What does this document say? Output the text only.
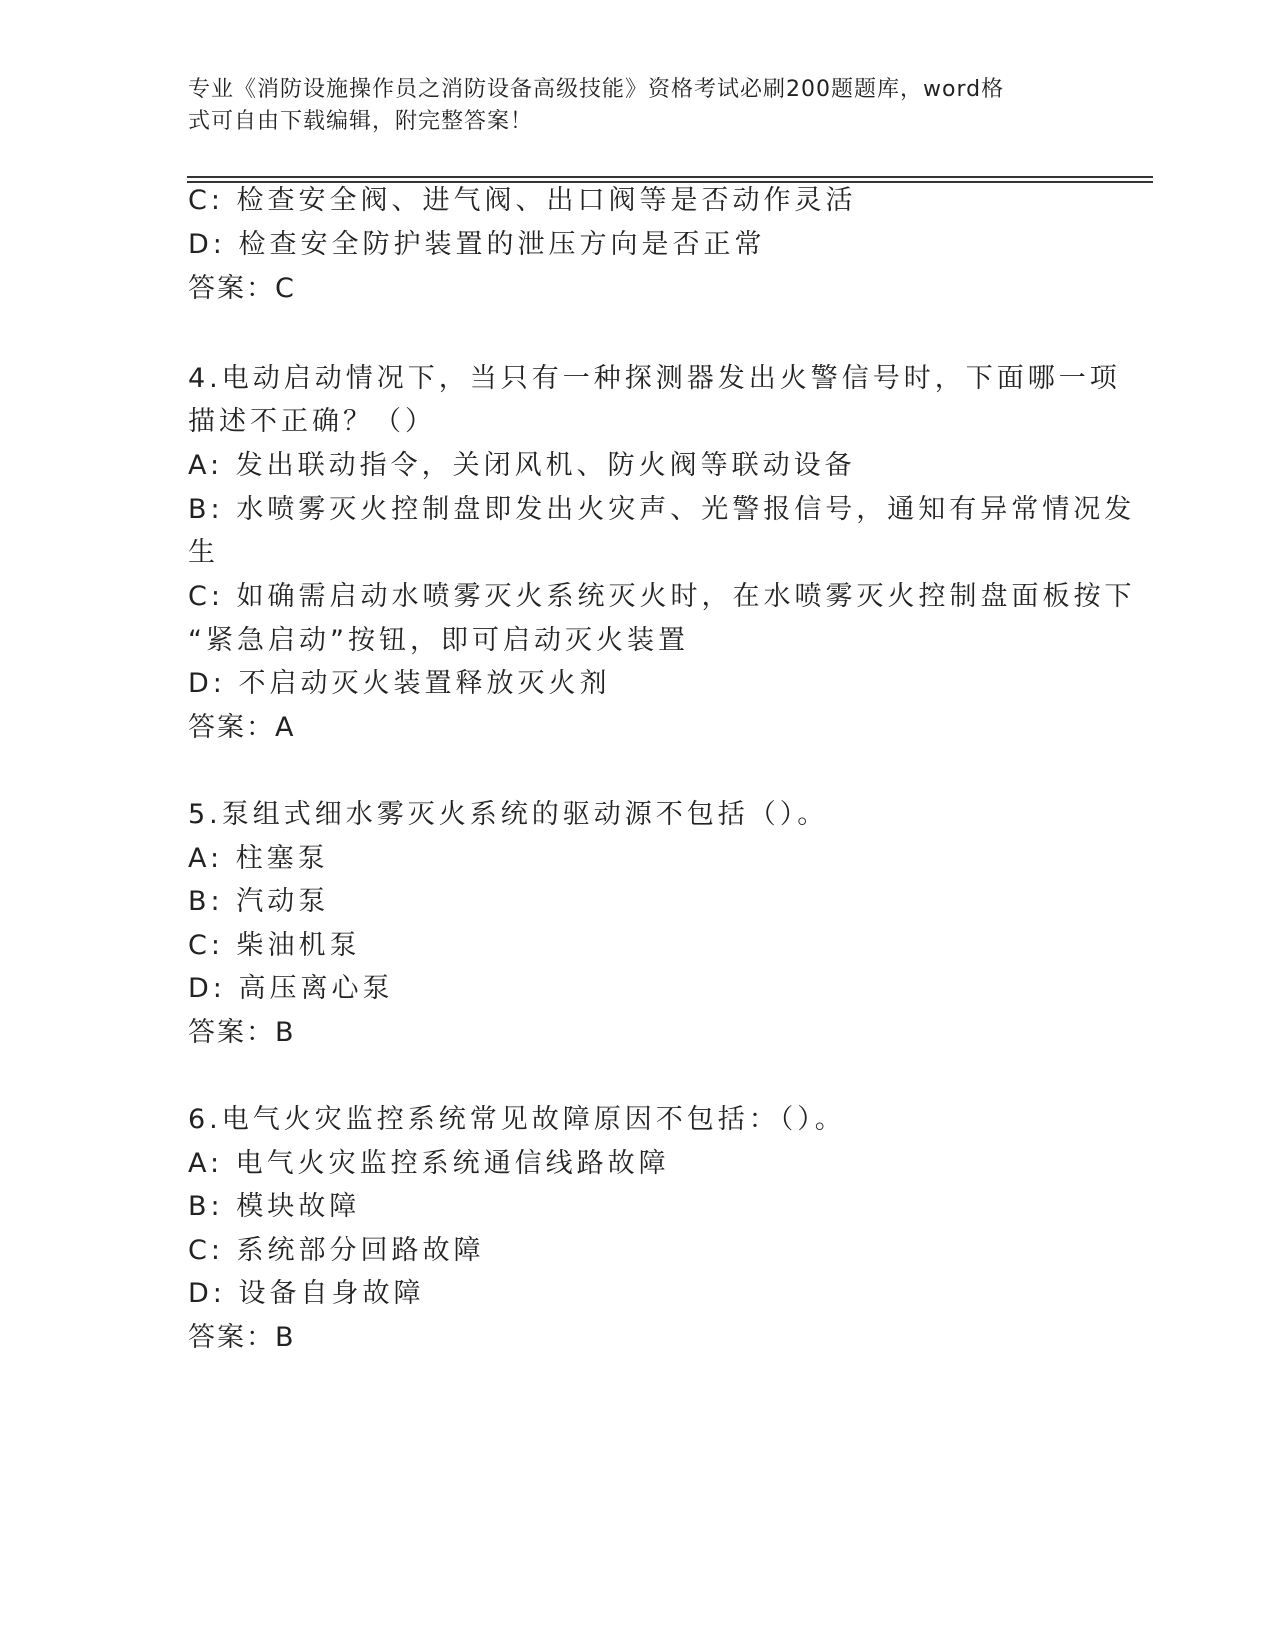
专业《消防设施操作员之消防设备高级技能》资格考试必刷200题题库，word格
式可自由下载编辑，附完整答案！
C: 检查安全阀、进气阀、出口阀等是否动作灵活
D: 检查安全防护装置的泄压方向是否正常
答案：C
4.电动启动情况下，当只有一种探测器发出火警信号时，下面哪一项
描述不正确？（）
A: 发出联动指令，关闭风机、防火阀等联动设备
B: 水喷雾灭火控制盘即发出火灾声、光警报信号，通知有异常情况发
生
C: 如确需启动水喷雾灭火系统灭火时，在水喷雾灭火控制盘面板按下
“紧急启动”按钮，即可启动灭火装置
D: 不启动灭火装置释放灭火剂
答案：A
5.泵组式细水雾灭火系统的驱动源不包括（）。
A: 柱塞泵
B: 汽动泵
C: 柴油机泵
D: 高压离心泵
答案：B
6.电气火灾监控系统常见故障原因不包括：（）。
A: 电气火灾监控系统通信线路故障
B: 模块故障
C: 系统部分回路故障
D: 设备自身故障
答案：B
